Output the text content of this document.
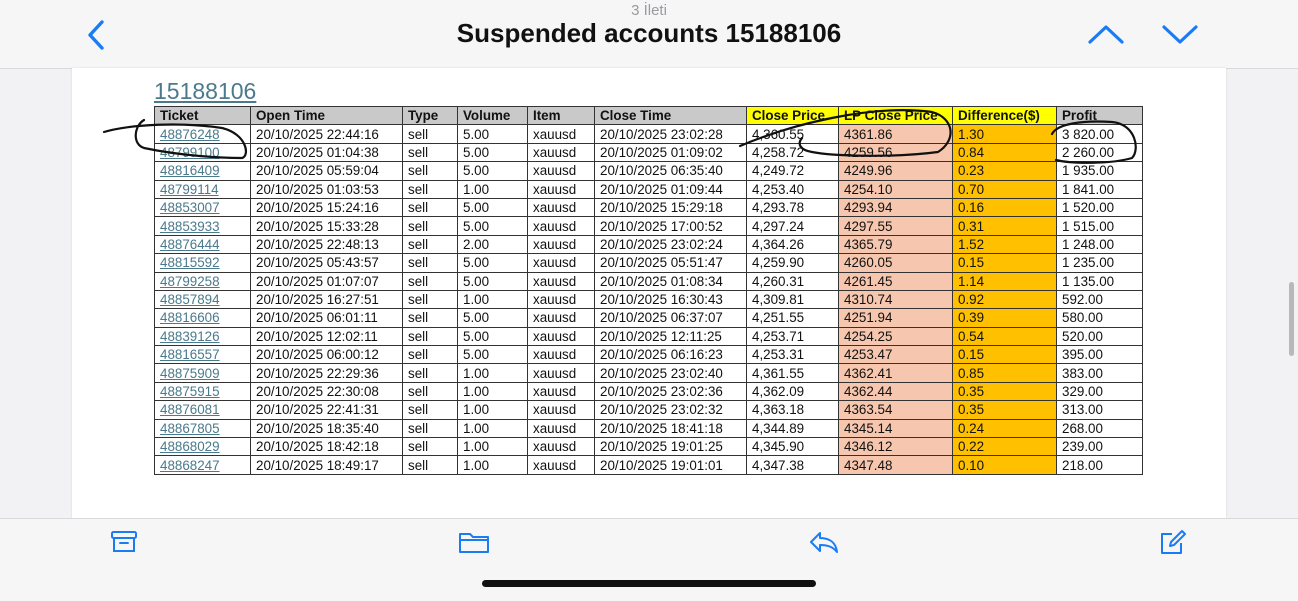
3 İleti
Suspended accounts 15188106
15188106
Ticket	Open Time	Type	Volume	Item	Close Time	Close Price	LP Close Price	Difference($)	Profit
48876248	20/10/2025 22:44:16	sell	5.00	xauusd	20/10/2025 23:02:28	4,360.55	4361.86	1.30	3 820.00
48799100	20/10/2025 01:04:38	sell	5.00	xauusd	20/10/2025 01:09:02	4,258.72	4259.56	0.84	2 260.00
48816409	20/10/2025 05:59:04	sell	5.00	xauusd	20/10/2025 06:35:40	4,249.72	4249.96	0.23	1 935.00
48799114	20/10/2025 01:03:53	sell	1.00	xauusd	20/10/2025 01:09:44	4,253.40	4254.10	0.70	1 841.00
48853007	20/10/2025 15:24:16	sell	5.00	xauusd	20/10/2025 15:29:18	4,293.78	4293.94	0.16	1 520.00
48853933	20/10/2025 15:33:28	sell	5.00	xauusd	20/10/2025 17:00:52	4,297.24	4297.55	0.31	1 515.00
48876444	20/10/2025 22:48:13	sell	2.00	xauusd	20/10/2025 23:02:24	4,364.26	4365.79	1.52	1 248.00
48815592	20/10/2025 05:43:57	sell	5.00	xauusd	20/10/2025 05:51:47	4,259.90	4260.05	0.15	1 235.00
48799258	20/10/2025 01:07:07	sell	5.00	xauusd	20/10/2025 01:08:34	4,260.31	4261.45	1.14	1 135.00
48857894	20/10/2025 16:27:51	sell	1.00	xauusd	20/10/2025 16:30:43	4,309.81	4310.74	0.92	592.00
48816606	20/10/2025 06:01:11	sell	5.00	xauusd	20/10/2025 06:37:07	4,251.55	4251.94	0.39	580.00
48839126	20/10/2025 12:02:11	sell	5.00	xauusd	20/10/2025 12:11:25	4,253.71	4254.25	0.54	520.00
48816557	20/10/2025 06:00:12	sell	5.00	xauusd	20/10/2025 06:16:23	4,253.31	4253.47	0.15	395.00
48875909	20/10/2025 22:29:36	sell	1.00	xauusd	20/10/2025 23:02:40	4,361.55	4362.41	0.85	383.00
48875915	20/10/2025 22:30:08	sell	1.00	xauusd	20/10/2025 23:02:36	4,362.09	4362.44	0.35	329.00
48876081	20/10/2025 22:41:31	sell	1.00	xauusd	20/10/2025 23:02:32	4,363.18	4363.54	0.35	313.00
48867805	20/10/2025 18:35:40	sell	1.00	xauusd	20/10/2025 18:41:18	4,344.89	4345.14	0.24	268.00
48868029	20/10/2025 18:42:18	sell	1.00	xauusd	20/10/2025 19:01:25	4,345.90	4346.12	0.22	239.00
48868247	20/10/2025 18:49:17	sell	1.00	xauusd	20/10/2025 19:01:01	4,347.38	4347.48	0.10	218.00
